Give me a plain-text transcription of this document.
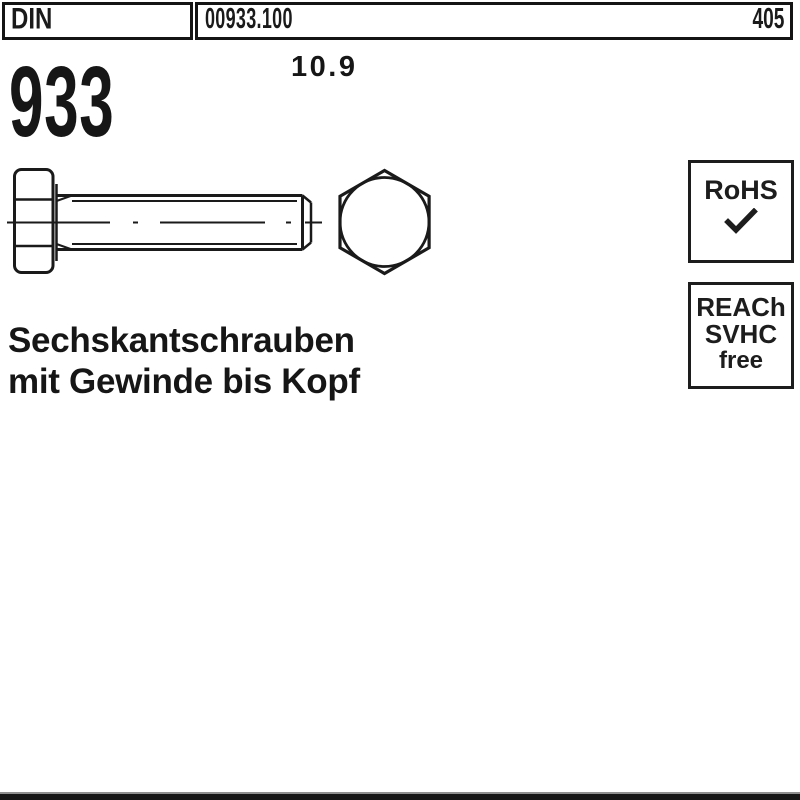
DIN	00933.100	405
933	10.9
Sechskantschrauben
mit Gewinde bis Kopf
RoHS
REACh
SVHC
free
